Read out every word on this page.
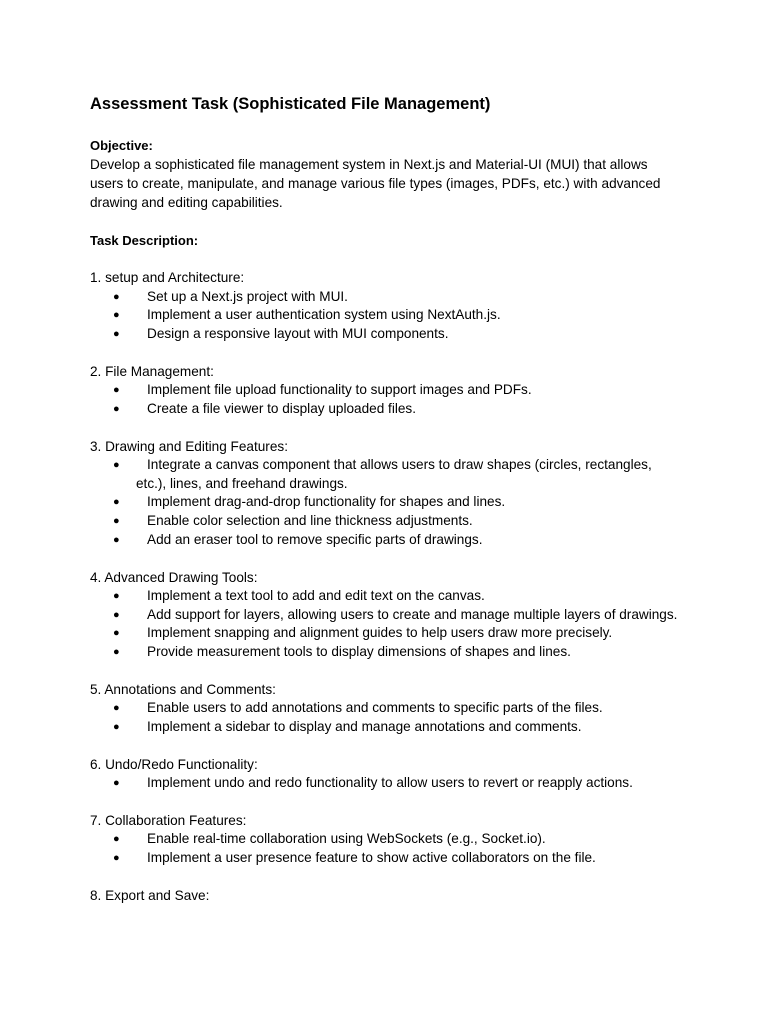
Assessment Task (Sophisticated File Management)
Objective:

Develop a sophisticated file management system in Next.js and Material-UI (MUI) that allows users to create, manipulate, and manage various file types (images, PDFs, etc.) with advanced drawing and editing capabilities.

Task Description:
1. setup and Architecture:
● Set up a Next.js project with MUI.
● Implement a user authentication system using NextAuth.js.
● Design a responsive layout with MUI components.
2. File Management:
● Implement file upload functionality to support images and PDFs.
● Create a file viewer to display uploaded files.
3. Drawing and Editing Features:
● Integrate a canvas component that allows users to draw shapes (circles, rectangles, etc.), lines, and freehand drawings.
● Implement drag-and-drop functionality for shapes and lines.
● Enable color selection and line thickness adjustments.
● Add an eraser tool to remove specific parts of drawings.
4. Advanced Drawing Tools:
● Implement a text tool to add and edit text on the canvas.
● Add support for layers, allowing users to create and manage multiple layers of drawings.
● Implement snapping and alignment guides to help users draw more precisely.
● Provide measurement tools to display dimensions of shapes and lines.
5. Annotations and Comments:
● Enable users to add annotations and comments to specific parts of the files.
● Implement a sidebar to display and manage annotations and comments.
6. Undo/Redo Functionality:
● Implement undo and redo functionality to allow users to revert or reapply actions.
7. Collaboration Features:
● Enable real-time collaboration using WebSockets (e.g., Socket.io).
● Implement a user presence feature to show active collaborators on the file.
8. Export and Save:
